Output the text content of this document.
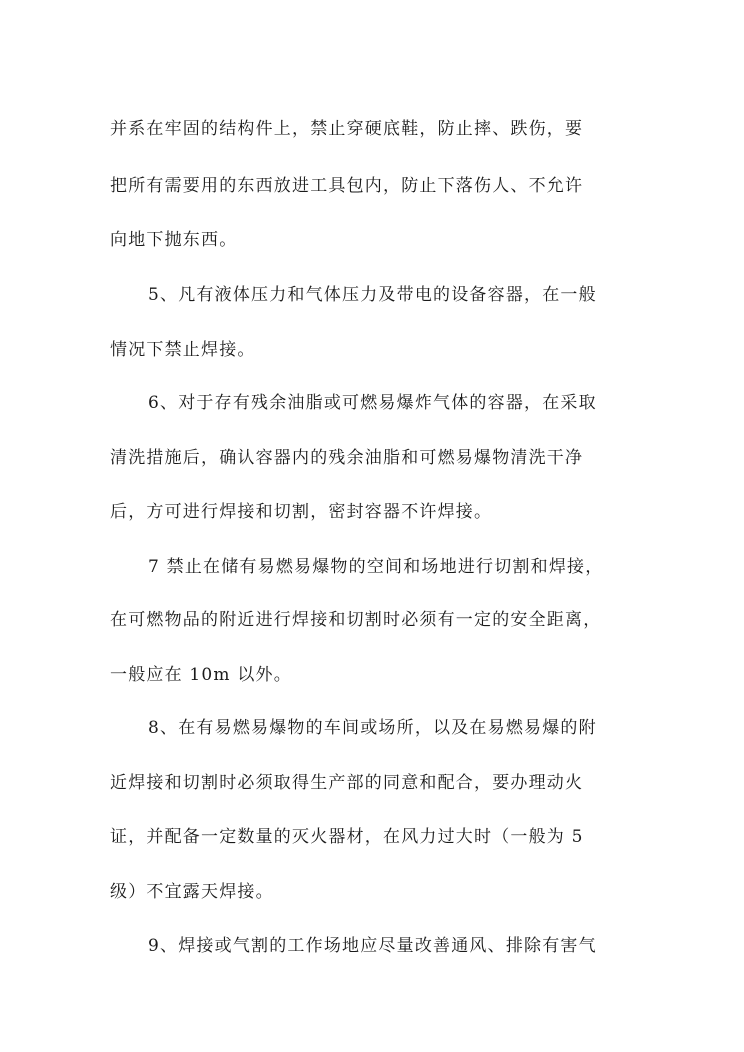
并系在牢固的结构件上，禁止穿硬底鞋，防止摔、跌伤，要
把所有需要用的东西放进工具包内，防止下落伤人、不允许
向地下抛东西。
5、凡有液体压力和气体压力及带电的设备容器，在一般
情况下禁止焊接。
6、对于存有残余油脂或可燃易爆炸气体的容器，在采取
清洗措施后，确认容器内的残余油脂和可燃易爆物清洗干净
后，方可进行焊接和切割，密封容器不许焊接。
7 禁止在储有易燃易爆物的空间和场地进行切割和焊接，
在可燃物品的附近进行焊接和切割时必须有一定的安全距离，
一般应在 10m 以外。
8、在有易燃易爆物的车间或场所，以及在易燃易爆的附
近焊接和切割时必须取得生产部的同意和配合，要办理动火
证，并配备一定数量的灭火器材，在风力过大时（一般为 5
级）不宜露天焊接。
9、焊接或气割的工作场地应尽量改善通风、排除有害气
